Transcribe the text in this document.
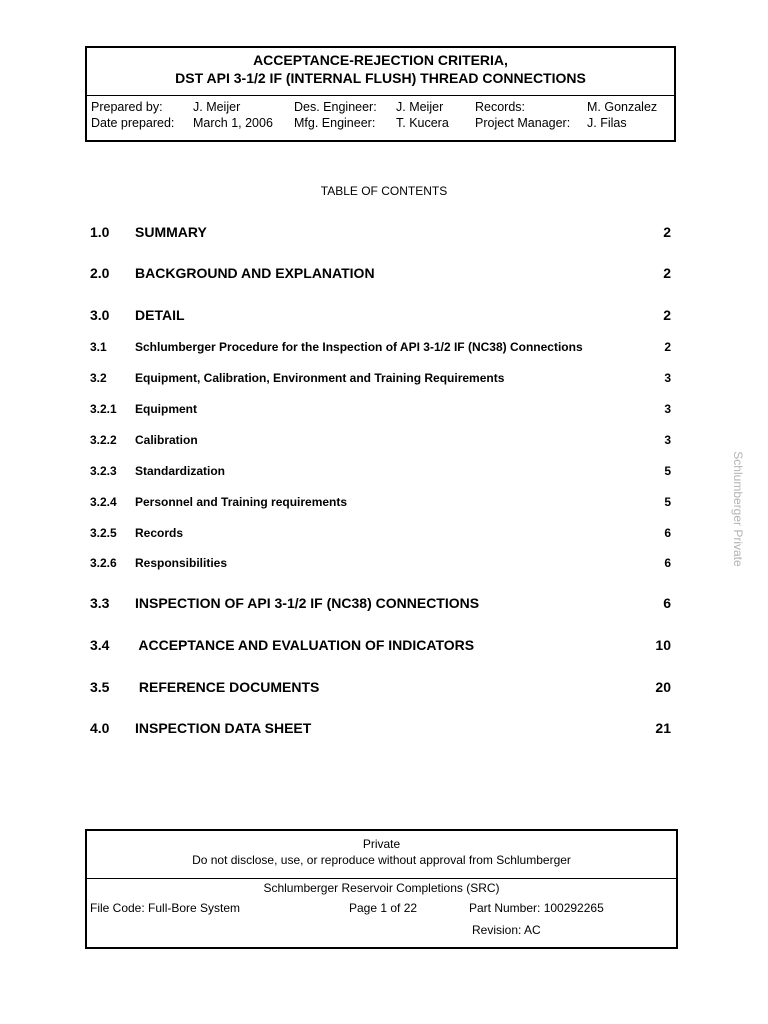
ACCEPTANCE-REJECTION CRITERIA,
DST API 3-1/2 IF (INTERNAL FLUSH) THREAD CONNECTIONS
Prepared by: J. Meijer	Des. Engineer: J. Meijer	Records:	M. Gonzalez
Date prepared: March 1, 2006 Mfg. Engineer: T. Kucera Project Manager: J. Filas
TABLE OF CONTENTS
1.0 SUMMARY	2
2.0 BACKGROUND AND EXPLANATION	2
3.0 DETAIL	2
3.1 Schlumberger Procedure for the Inspection of API 3-1/2 IF (NC38) Connections	2
3.2 Equipment, Calibration, Environment and Training Requirements	3
3.2.1 Equipment	3
3.2.2 Calibration	3
3.2.3 Standardization	5
3.2.4 Personnel and Training requirements	5
3.2.5 Records	6
3.2.6 Responsibilities	6
3.3 INSPECTION OF API 3-1/2 IF (NC38) CONNECTIONS	6
3.4 ACCEPTANCE AND EVALUATION OF INDICATORS	10
3.5 REFERENCE DOCUMENTS	20
4.0 INSPECTION DATA SHEET	21
Schlumberger Private
Private
Do not disclose, use, or reproduce without approval from Schlumberger
Schlumberger Reservoir Completions (SRC)
File Code: Full-Bore System	Page 1 of 22	Part Number: 100292265
Revision: AC
